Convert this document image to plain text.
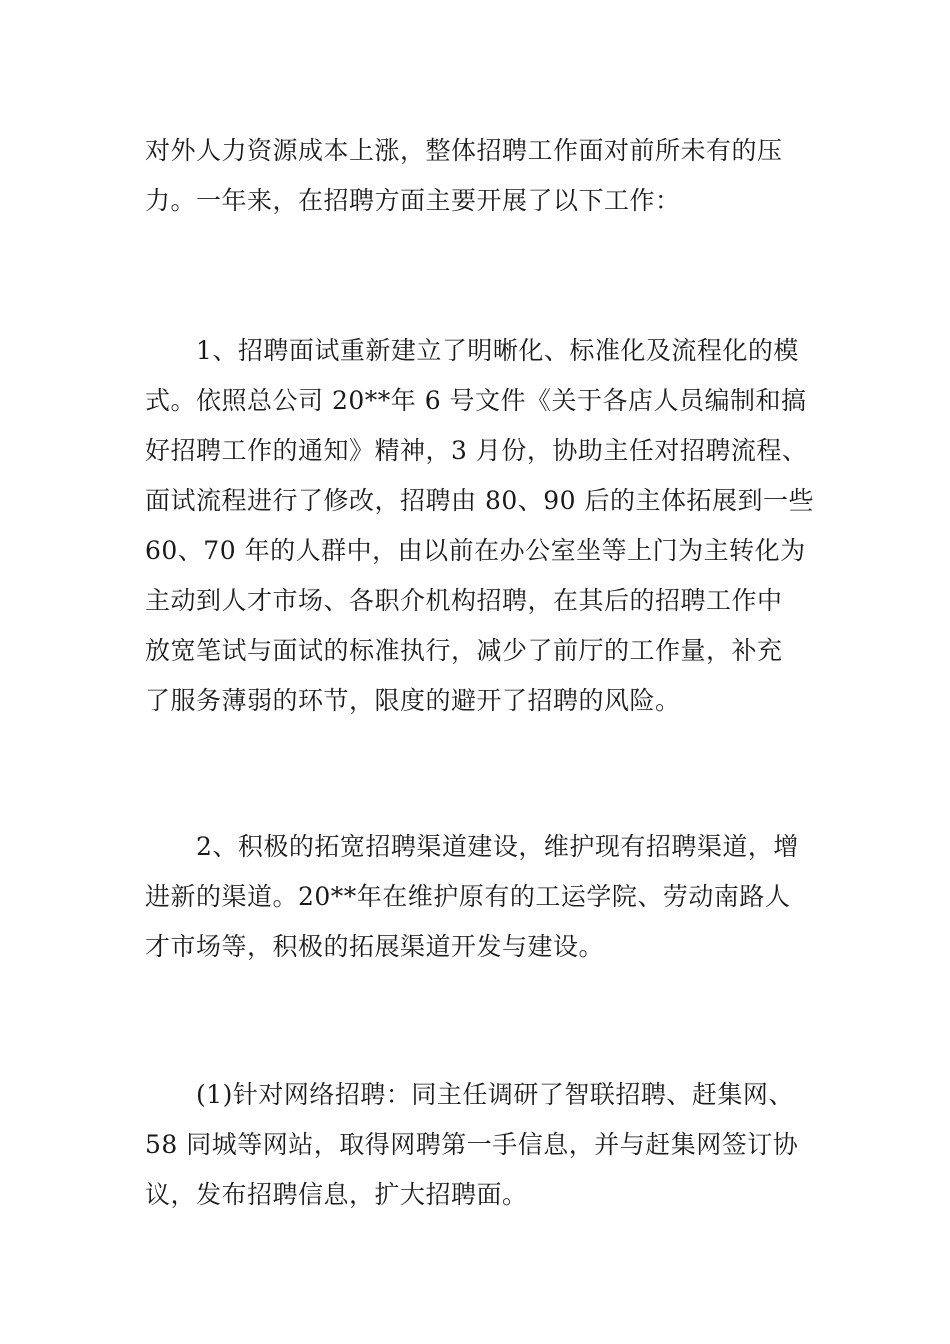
对外人力资源成本上涨，整体招聘工作面对前所未有的压
力。一年来，在招聘方面主要开展了以下工作：

　　1、招聘面试重新建立了明晰化、标准化及流程化的模
式。依照总公司 20**年 6 号文件《关于各店人员编制和搞
好招聘工作的通知》精神，3 月份，协助主任对招聘流程、
面试流程进行了修改，招聘由 80、90 后的主体拓展到一些
60、70 年的人群中，由以前在办公室坐等上门为主转化为
主动到人才市场、各职介机构招聘，在其后的招聘工作中
放宽笔试与面试的标准执行，减少了前厅的工作量，补充
了服务薄弱的环节，限度的避开了招聘的风险。

　　2、积极的拓宽招聘渠道建设，维护现有招聘渠道，增
进新的渠道。20**年在维护原有的工运学院、劳动南路人
才市场等，积极的拓展渠道开发与建设。

　　(1)针对网络招聘：同主任调研了智联招聘、赶集网、
58 同城等网站，取得网聘第一手信息，并与赶集网签订协
议，发布招聘信息，扩大招聘面。
